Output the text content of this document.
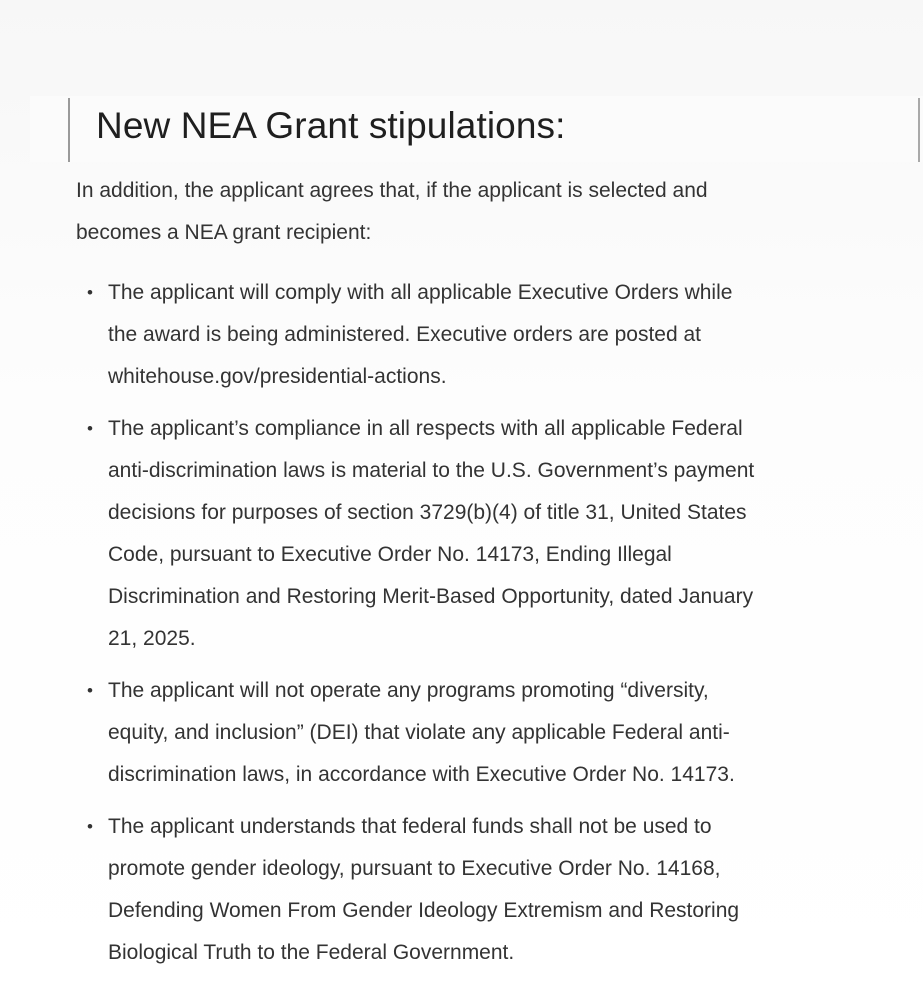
New NEA Grant stipulations:

In addition, the applicant agrees that, if the applicant is selected and
becomes a NEA grant recipient:

• The applicant will comply with all applicable Executive Orders while
the award is being administered. Executive orders are posted at
whitehouse.gov/presidential-actions.
• The applicant’s compliance in all respects with all applicable Federal
anti-discrimination laws is material to the U.S. Government’s payment
decisions for purposes of section 3729(b)(4) of title 31, United States
Code, pursuant to Executive Order No. 14173, Ending Illegal
Discrimination and Restoring Merit-Based Opportunity, dated January
21, 2025.
• The applicant will not operate any programs promoting “diversity,
equity, and inclusion” (DEI) that violate any applicable Federal anti-
discrimination laws, in accordance with Executive Order No. 14173.
• The applicant understands that federal funds shall not be used to
promote gender ideology, pursuant to Executive Order No. 14168,
Defending Women From Gender Ideology Extremism and Restoring
Biological Truth to the Federal Government.
